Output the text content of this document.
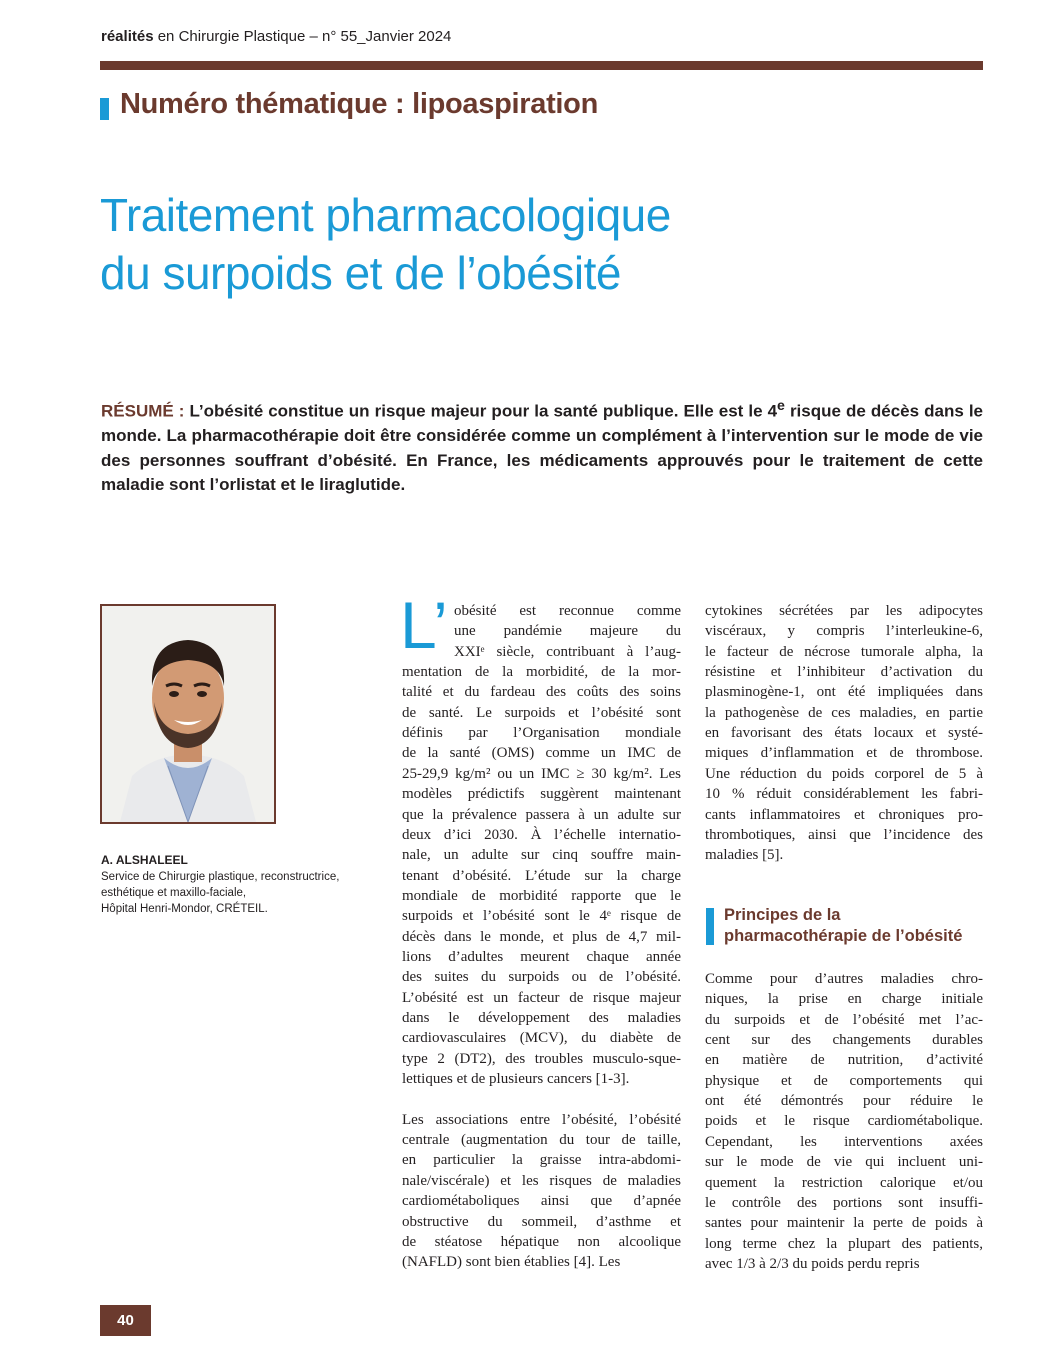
réalités en Chirurgie Plastique – n° 55_Janvier 2024
Numéro thématique : lipoaspiration
Traitement pharmacologique
du surpoids et de l’obésité
RÉSUMÉ : L’obésité constitue un risque majeur pour la santé publique. Elle est le 4e risque de décès dans le monde. La pharmacothérapie doit être considérée comme un complément à l’intervention sur le mode de vie des personnes souffrant d’obésité. En France, les médicaments approuvés pour le traitement de cette maladie sont l’orlistat et le liraglutide.
A. ALSHALEEL
Service de Chirurgie plastique, reconstructrice,
esthétique et maxillo-faciale,
Hôpital Henri-Mondor, CRÉTEIL.
L’ obésité est reconnue comme
une pandémie majeure du
XXIᵉ siècle, contribuant à l’aug-
mentation de la morbidité, de la mor-
talité et du fardeau des coûts des soins
de santé. Le surpoids et l’obésité sont
définis par l’Organisation mondiale
de la santé (OMS) comme un IMC de
25-29,9 kg/m² ou un IMC ≥ 30 kg/m². Les
modèles prédictifs suggèrent maintenant
que la prévalence passera à un adulte sur
deux d’ici 2030. À l’échelle internatio-
nale, un adulte sur cinq souffre main-
tenant d’obésité. L’étude sur la charge
mondiale de morbidité rapporte que le
surpoids et l’obésité sont le 4ᵉ risque de
décès dans le monde, et plus de 4,7 mil-
lions d’adultes meurent chaque année
des suites du surpoids ou de l’obésité.
L’obésité est un facteur de risque majeur
dans le développement des maladies
cardiovasculaires (MCV), du diabète de
type 2 (DT2), des troubles musculo-sque-
lettiques et de plusieurs cancers [1-3].
Les associations entre l’obésité, l’obésité
centrale (augmentation du tour de taille,
en particulier la graisse intra-abdomi-
nale/viscérale) et les risques de maladies
cardiométaboliques ainsi que d’apnée
obstructive du sommeil, d’asthme et
de stéatose hépatique non alcoolique
(NAFLD) sont bien établies [4]. Les
cytokines sécrétées par les adipocytes
viscéraux, y compris l’interleukine-6,
le facteur de nécrose tumorale alpha, la
résistine et l’inhibiteur d’activation du
plasminogène-1, ont été impliquées dans
la pathogenèse de ces maladies, en partie
en favorisant des états locaux et systé-
miques d’inflammation et de thrombose.
Une réduction du poids corporel de 5 à
10 % réduit considérablement les fabri-
cants inflammatoires et chroniques pro-
thrombotiques, ainsi que l’incidence des
maladies [5].
Principes de la
pharmacothérapie de l’obésité
Comme pour d’autres maladies chro-
niques, la prise en charge initiale
du surpoids et de l’obésité met l’ac-
cent sur des changements durables
en matière de nutrition, d’activité
physique et de comportements qui
ont été démontrés pour réduire le
poids et le risque cardiométabolique.
Cependant, les interventions axées
sur le mode de vie qui incluent uni-
quement la restriction calorique et/ou
le contrôle des portions sont insuffi-
santes pour maintenir la perte de poids à
long terme chez la plupart des patients,
avec 1/3 à 2/3 du poids perdu repris
40
